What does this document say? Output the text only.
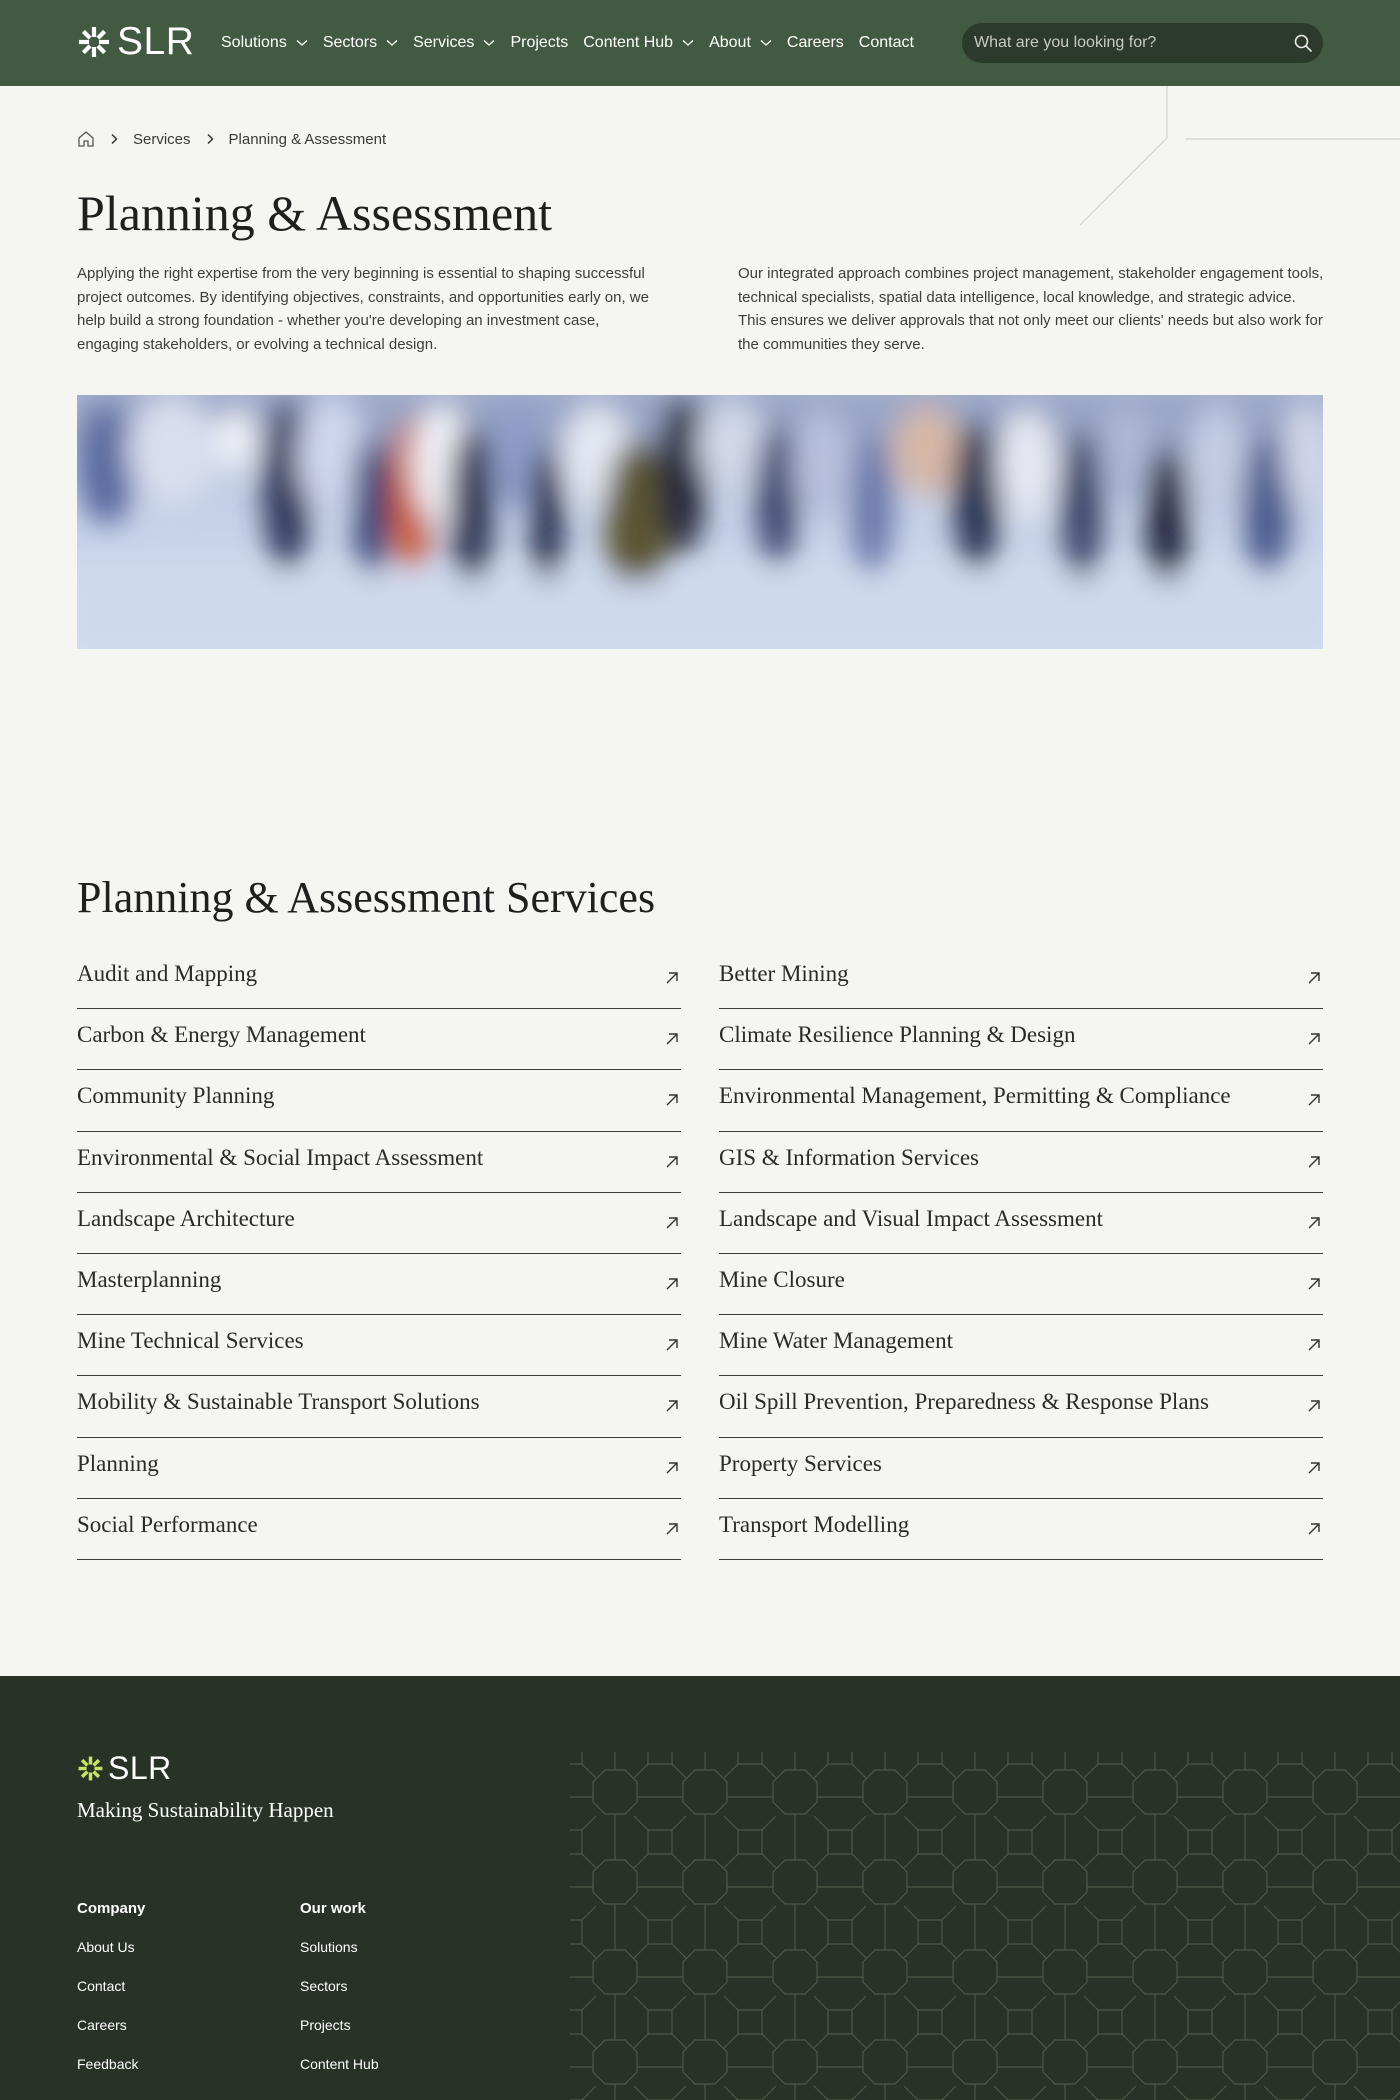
SLR Solutions Sectors Services Projects Content Hub About Careers Contact
What are you looking for?
Services	Planning & Assessment
Planning & Assessment

Applying the right expertise from the very beginning is essential to shaping successful project outcomes. By identifying objectives, constraints, and opportunities early on, we help build a strong foundation - whether you're developing an investment case, engaging stakeholders, or evolving a technical design.

Our integrated approach combines project management, stakeholder engagement tools, technical specialists, spatial data intelligence, local knowledge, and strategic advice. This ensures we deliver approvals that not only meet our clients' needs but also work for the communities they serve.

Planning & Assessment Services
Audit and Mapping
Carbon & Energy Management
Community Planning
Environmental & Social Impact Assessment
Landscape Architecture
Masterplanning
Mine Technical Services
Mobility & Sustainable Transport Solutions
Planning
Social Performance
Better Mining
Climate Resilience Planning & Design
Environmental Management, Permitting & Compliance
GIS & Information Services
Landscape and Visual Impact Assessment
Mine Closure
Mine Water Management
Oil Spill Prevention, Preparedness & Response Plans
Property Services
Transport Modelling
SLR
Making Sustainability Happen
Company
About Us
Contact
Careers
Feedback
Our work
Solutions
Sectors
Projects
Content Hub
